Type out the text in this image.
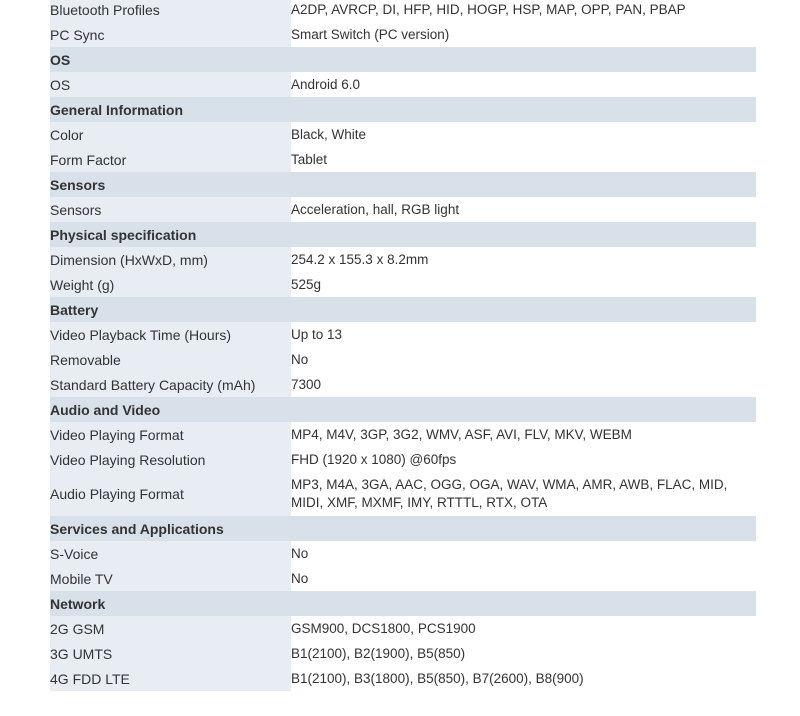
Bluetooth Profiles	A2DP, AVRCP, DI, HFP, HID, HOGP, HSP, MAP, OPP, PAN, PBAP
PC Sync	Smart Switch (PC version)
OS	
OS	Android 6.0
General Information	
Color	Black, White
Form Factor	Tablet
Sensors	
Sensors	Acceleration, hall, RGB light
Physical specification	
Dimension (HxWxD, mm)	254.2 x 155.3 x 8.2mm
Weight (g)	525g
Battery	
Video Playback Time (Hours)	Up to 13
Removable	No
Standard Battery Capacity (mAh)	7300
Audio and Video	
Video Playing Format	MP4, M4V, 3GP, 3G2, WMV, ASF, AVI, FLV, MKV, WEBM
Video Playing Resolution	FHD (1920 x 1080) @60fps
Audio Playing Format	MP3, M4A, 3GA, AAC, OGG, OGA, WAV, WMA, AMR, AWB, FLAC, MID,
MIDI, XMF, MXMF, IMY, RTTTL, RTX, OTA

Services and Applications	
S-Voice	No
Mobile TV	No
Network	
2G GSM	GSM900, DCS1800, PCS1900
3G UMTS	B1(2100), B2(1900), B5(850)
4G FDD LTE	B1(2100), B3(1800), B5(850), B7(2600), B8(900)
